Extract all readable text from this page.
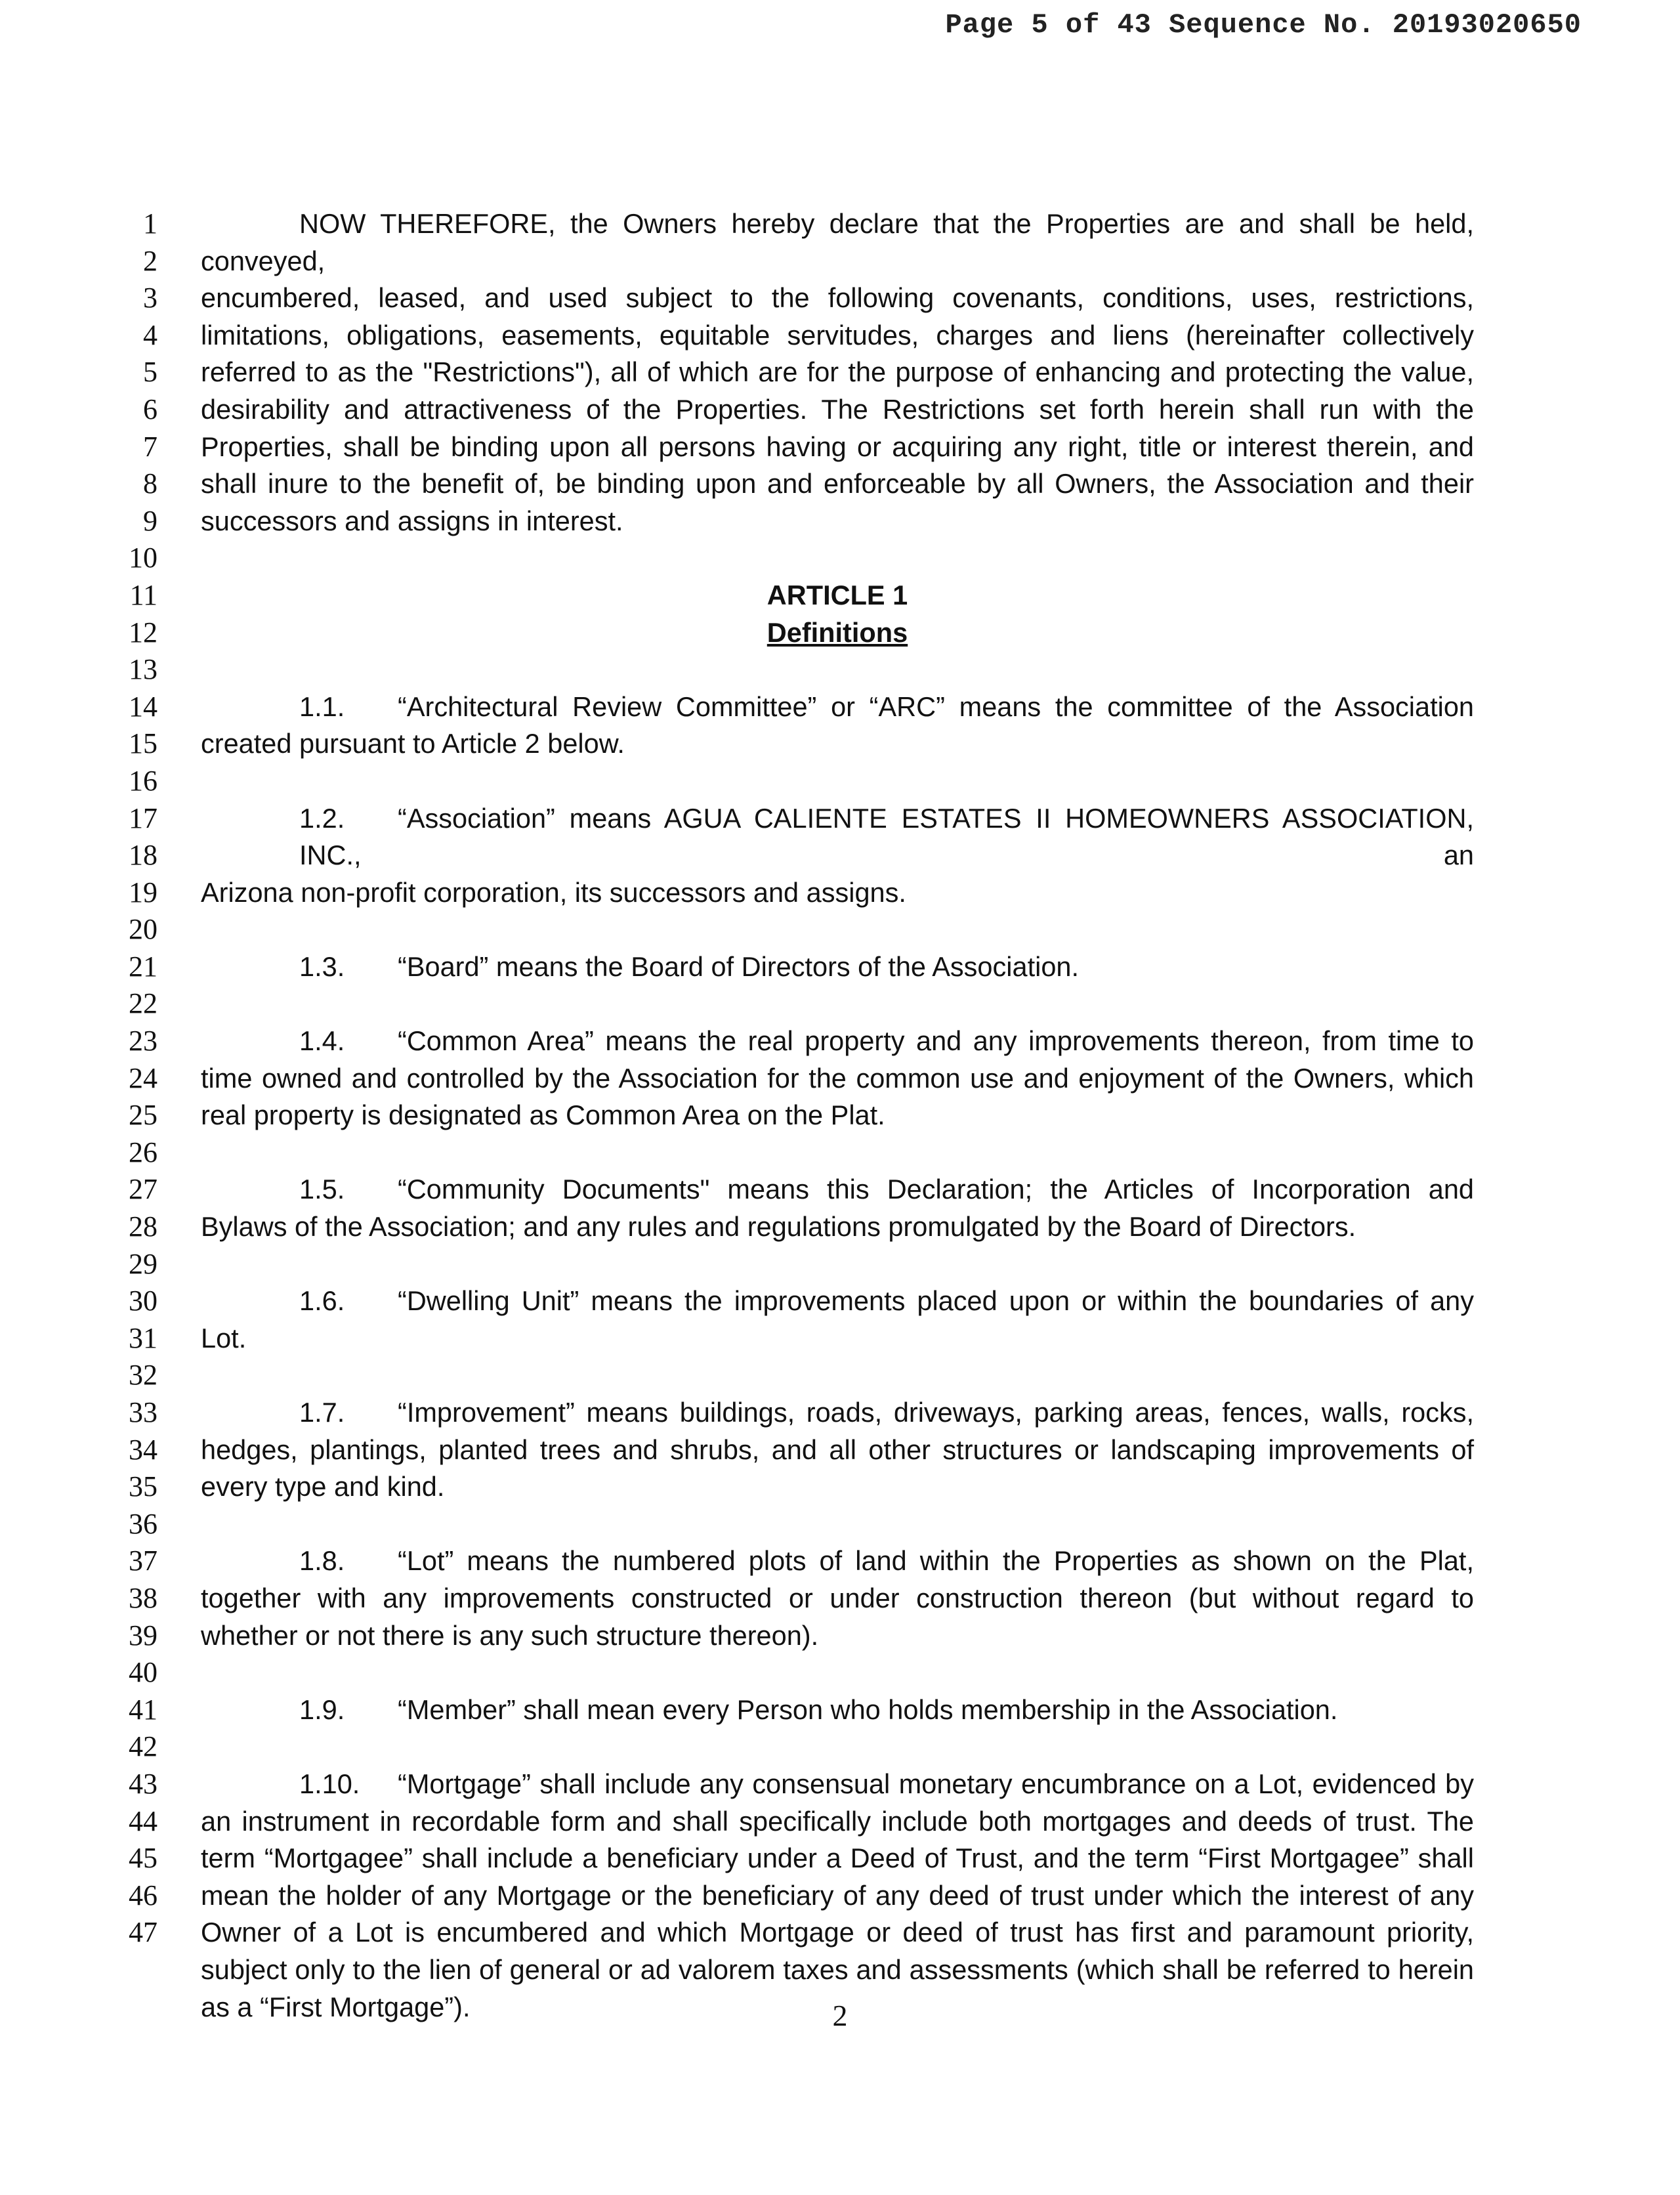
Page 5 of 43 Sequence No. 20193020650
1
2
3
4
5
6
7
8
9
10
11
12
13
14
15
16
17
18
19
20
21
22
23
24
25
26
27
28
29
30
31
32
33
34
35
36
37
38
39
40
41
42
43
44
45
46
47
NOW THEREFORE, the Owners hereby declare that the Properties are and shall be held, conveyed,
encumbered, leased, and used subject to the following covenants, conditions, uses, restrictions,
limitations, obligations, easements, equitable servitudes, charges and liens (hereinafter collectively
referred to as the "Restrictions"), all of which are for the purpose of enhancing and protecting the value,
desirability and attractiveness of the Properties. The Restrictions set forth herein shall run with the
Properties, shall be binding upon all persons having or acquiring any right, title or interest therein, and
shall inure to the benefit of, be binding upon and enforceable by all Owners, the Association and their
successors and assigns in interest.
ARTICLE 1
Definitions
1.1. “Architectural Review Committee” or “ARC” means the committee of the Association
created pursuant to Article 2 below.
1.2. “Association” means AGUA CALIENTE ESTATES II HOMEOWNERS ASSOCIATION, INC., an
Arizona non-profit corporation, its successors and assigns.
1.3. “Board” means the Board of Directors of the Association.
1.4. “Common Area” means the real property and any improvements thereon, from time to
time owned and controlled by the Association for the common use and enjoyment of the Owners, which
real property is designated as Common Area on the Plat.
1.5. “Community Documents" means this Declaration; the Articles of Incorporation and
Bylaws of the Association; and any rules and regulations promulgated by the Board of Directors.
1.6. “Dwelling Unit” means the improvements placed upon or within the boundaries of any
Lot.
1.7. “Improvement” means buildings, roads, driveways, parking areas, fences, walls, rocks,
hedges, plantings, planted trees and shrubs, and all other structures or landscaping improvements of
every type and kind.
1.8. “Lot” means the numbered plots of land within the Properties as shown on the Plat,
together with any improvements constructed or under construction thereon (but without regard to
whether or not there is any such structure thereon).
1.9. “Member” shall mean every Person who holds membership in the Association.
1.10. “Mortgage” shall include any consensual monetary encumbrance on a Lot, evidenced by
an instrument in recordable form and shall specifically include both mortgages and deeds of trust. The
term “Mortgagee” shall include a beneficiary under a Deed of Trust, and the term “First Mortgagee” shall
mean the holder of any Mortgage or the beneficiary of any deed of trust under which the interest of any
Owner of a Lot is encumbered and which Mortgage or deed of trust has first and paramount priority,
subject only to the lien of general or ad valorem taxes and assessments (which shall be referred to herein
as a “First Mortgage”).	2
